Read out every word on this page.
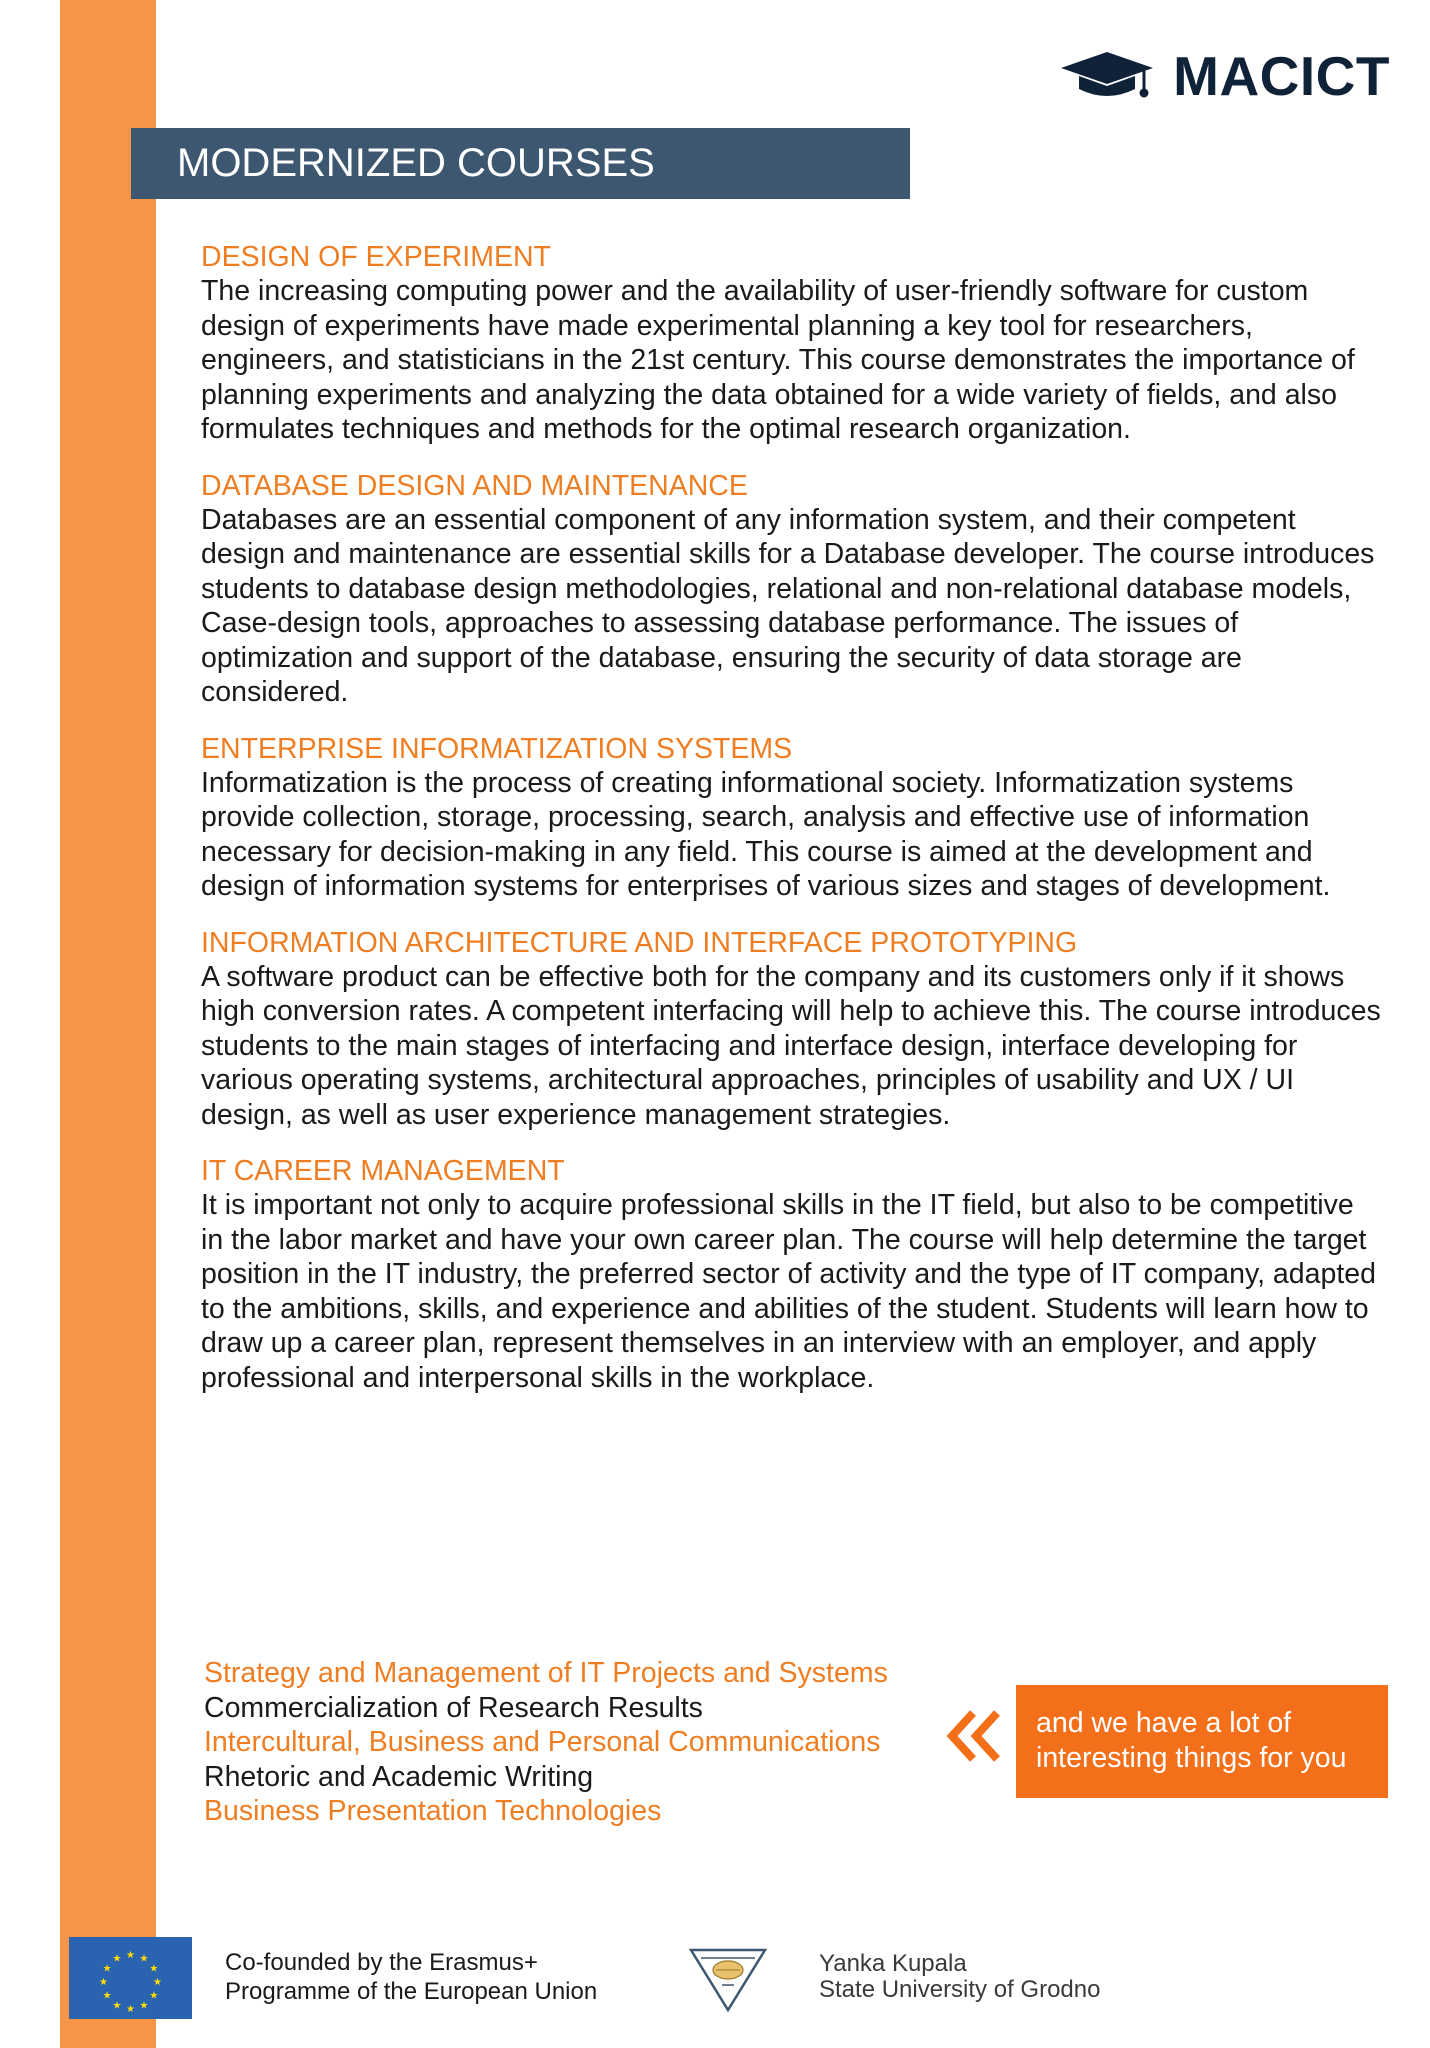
MACICT
MODERNIZED COURSES
DESIGN OF EXPERIMENT
The increasing computing power and the availability of user-friendly software for custom design of experiments have made experimental planning a key tool for researchers, engineers, and statisticians in the 21st century. This course demonstrates the importance of planning experiments and analyzing the data obtained for a wide variety of fields, and also formulates techniques and methods for the optimal research organization.
DATABASE DESIGN AND MAINTENANCE
Databases are an essential component of any information system, and their competent design and maintenance are essential skills for a Database developer. The course introduces students to database design methodologies, relational and non-relational database models, Case-design tools, approaches to assessing database performance. The issues of optimization and support of the database, ensuring the security of data storage are considered.
ENTERPRISE INFORMATIZATION SYSTEMS
Informatization is the process of creating informational society. Informatization systems provide collection, storage, processing, search, analysis and effective use of information necessary for decision-making in any field. This course is aimed at the development and design of information systems for enterprises of various sizes and stages of development.
INFORMATION ARCHITECTURE AND INTERFACE PROTOTYPING
A software product can be effective both for the company and its customers only if it shows high conversion rates. A competent interfacing will help to achieve this. The course introduces students to the main stages of interfacing and interface design, interface developing for various operating systems, architectural approaches, principles of usability and UX / UI design, as well as user experience management strategies.
IT CAREER MANAGEMENT
It is important not only to acquire professional skills in the IT field, but also to be competitive in the labor market and have your own career plan. The course will help determine the target position in the IT industry, the preferred sector of activity and the type of IT company, adapted to the ambitions, skills, and experience and abilities of the student. Students will learn how to draw up a career plan, represent themselves in an interview with an employer, and apply professional and interpersonal skills in the workplace.
Strategy and Management of IT Projects and Systems
Commercialization of Research Results
Intercultural, Business and Personal Communications
Rhetoric and Academic Writing
Business Presentation Technologies
and we have a lot of interesting things for you
★ ★
★
★
★
★
★
★
★
★
★
★	Co-founded by the Erasmus+
Programme of the European Union
Yanka Kupala
State University of Grodno
